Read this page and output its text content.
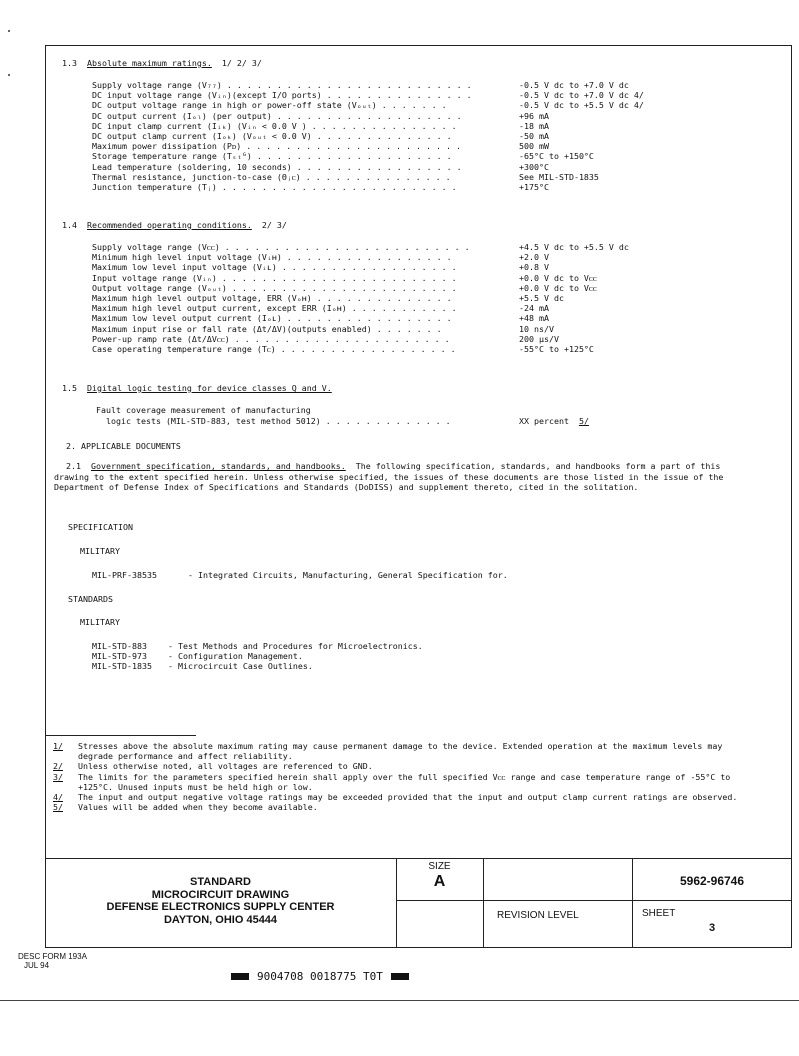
1.3 Absolute maximum ratings. 1/ 2/ 3/
Supply voltage range (V₇₇) . . . . . . . . . . . . . . . . . . . . . . . . .	-0.5 V dc to +7.0 V dc
DC input voltage range (Vᵢₙ)(except I/O ports) . . . . . . . . . . . . . . .	-0.5 V dc to +7.0 V dc 4/
DC output voltage range in high or power-off state (Vₒᵤₜ) . . . . . . .	-0.5 V dc to +5.5 V dc 4/
DC output current (Iₒₗ) (per output) . . . . . . . . . . . . . . . . . . .	+96 mA
DC input clamp current (Iᵢₖ) (Vᵢₙ < 0.0 V ) . . . . . . . . . . . . . . .	-18 mA
DC output clamp current (Iₒₖ) (Vₒᵤₜ < 0.0 V) . . . . . . . . . . . . . .	-50 mA
Maximum power dissipation (Pᴅ) . . . . . . . . . . . . . . . . . . . . . .	500 mW
Storage temperature range (Tₛₜᴳ) . . . . . . . . . . . . . . . . . . . .	-65°C to +150°C
Lead temperature (soldering, 10 seconds) . . . . . . . . . . . . . . . . .	+300°C
Thermal resistance, junction-to-case (Θⱼᴄ) . . . . . . . . . . . . . . .	See MIL-STD-1835
Junction temperature (Tⱼ) . . . . . . . . . . . . . . . . . . . . . . . .	+175°C
1.4 Recommended operating conditions. 2/ 3/
Supply voltage range (Vᴄᴄ) . . . . . . . . . . . . . . . . . . . . . . . . .	+4.5 V dc to +5.5 V dc
Minimum high level input voltage (Vᵢʜ) . . . . . . . . . . . . . . . . .	+2.0 V
Maximum low level input voltage (Vᵢʟ) . . . . . . . . . . . . . . . . . .	+0.8 V
Input voltage range (Vᵢₙ) . . . . . . . . . . . . . . . . . . . . . . . .	+0.0 V dc to Vᴄᴄ
Output voltage range (Vₒᵤₜ) . . . . . . . . . . . . . . . . . . . . . . .	+0.0 V dc to Vᴄᴄ
Maximum high level output voltage, ERR (Vₒʜ) . . . . . . . . . . . . . .	+5.5 V dc
Maximum high level output current, except ERR (Iₒʜ) . . . . . . . . . . .	-24 mA
Maximum low level output current (Iₒʟ) . . . . . . . . . . . . . . . . .	+48 mA
Maximum input rise or fall rate (Δt/ΔV)(outputs enabled) . . . . . . .	10 ns/V
Power-up ramp rate (Δt/ΔVᴄᴄ) . . . . . . . . . . . . . . . . . . . . . .	200 µs/V
Case operating temperature range (Tᴄ) . . . . . . . . . . . . . . . . . .	-55°C to +125°C
1.5 Digital logic testing for device classes Q and V.
Fault coverage measurement of manufacturing
logic tests (MIL-STD-883, test method 5012) . . . . . . . . . . . . .	XX percent 5/
2. APPLICABLE DOCUMENTS
2.1 Government specification, standards, and handbooks. The following specification, standards, and handbooks form a part of this drawing to the extent specified herein. Unless otherwise specified, the issues of these documents are those listed in the issue of the Department of Defense Index of Specifications and Standards (DoDISS) and supplement thereto, cited in the solitation.
SPECIFICATION
MILITARY
MIL-PRF-38535	- Integrated Circuits, Manufacturing, General Specification for.
STANDARDS
MILITARY
MIL-STD-883	- Test Methods and Procedures for Microelectronics.
MIL-STD-973	- Configuration Management.
MIL-STD-1835 - Microcircuit Case Outlines.
1/	Stresses above the absolute maximum rating may cause permanent damage to the device. Extended operation at the maximum levels may degrade performance and affect reliability.
2/	Unless otherwise noted, all voltages are referenced to GND.
3/	The limits for the parameters specified herein shall apply over the full specified Vᴄᴄ range and case temperature range of -55°C to +125°C. Unused inputs must be held high or low.
4/	The input and output negative voltage ratings may be exceeded provided that the input and output clamp current ratings are observed.
5/	Values will be added when they become available.
STANDARD
MICROCIRCUIT DRAWING
DEFENSE ELECTRONICS SUPPLY CENTER
DAYTON, OHIO 45444
SIZE
A	5962-96746
REVISION LEVEL	SHEET
3
DESC FORM 193A
JUL 94
9004708 0018775 T0T
